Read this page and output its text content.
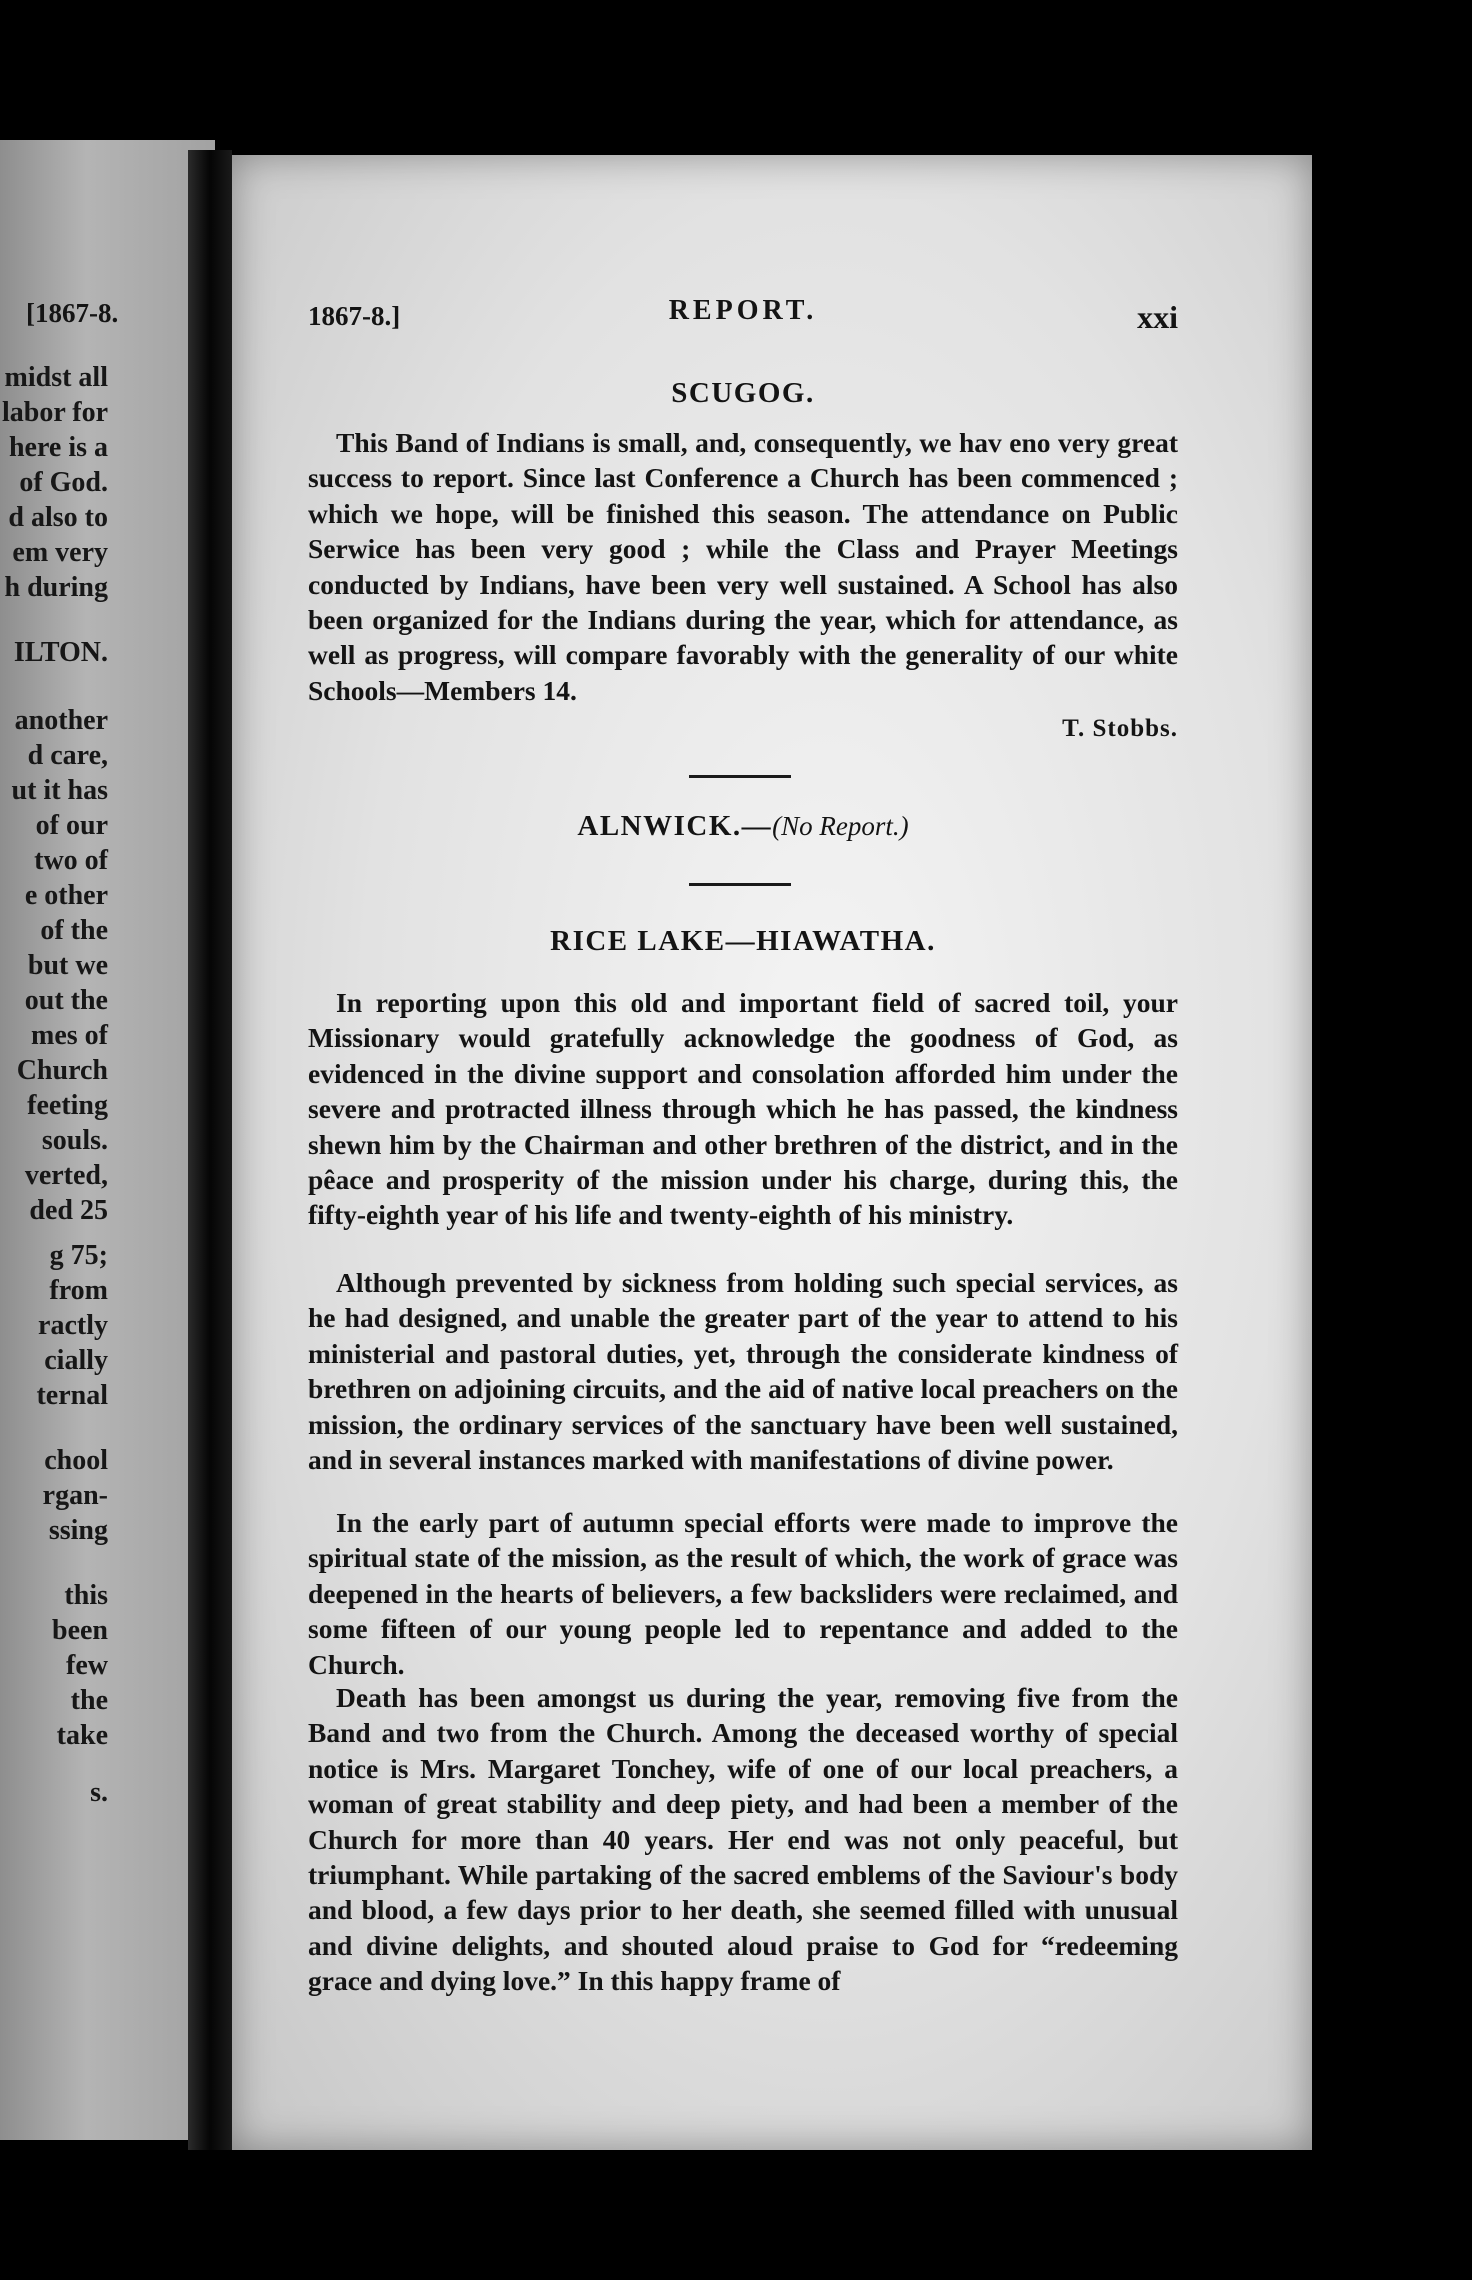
[1867-8.
midst all
labor for
here is a
of God.
d also to
em very
h during
ILTON.
another
d care,
ut it has
of our
two of
e other
of the
but we
out the
mes of
Church
feeting
souls.
verted,
ded 25
g 75;
from
ractly
cially
ternal
chool
rgan-
ssing
this
been
few
the
take
s.
1867-8.]	REPORT.	xxi
SCUGOG.

This Band of Indians is small, and, consequently, we hav eno very great success to report. Since last Conference a Church has been commenced ; which we hope, will be finished this season. The attendance on Public Serwice has been very good ; while the Class and Prayer Meetings conducted by Indians, have been very well sustained. A School has also been organized for the Indians during the year, which for attendance, as well as progress, will compare favorably with the generality of our white Schools—Members 14.

T. Stobbs.

ALNWICK.—(No Report.)
RICE LAKE—HIAWATHA.

In reporting upon this old and important field of sacred toil, your Missionary would gratefully acknowledge the goodness of God, as evidenced in the divine support and consolation afforded him under the severe and protracted illness through which he has passed, the kindness shewn him by the Chairman and other brethren of the district, and in the pêace and prosperity of the mission under his charge, during this, the fifty-eighth year of his life and twenty-eighth of his ministry.

Although prevented by sickness from holding such special services, as he had designed, and unable the greater part of the year to attend to his ministerial and pastoral duties, yet, through the considerate kindness of brethren on adjoining circuits, and the aid of native local preachers on the mission, the ordinary services of the sanctuary have been well sustained, and in several instances marked with manifestations of divine power.

In the early part of autumn special efforts were made to improve the spiritual state of the mission, as the result of which, the work of grace was deepened in the hearts of believers, a few backsliders were reclaimed, and some fifteen of our young people led to repentance and added to the Church.

Death has been amongst us during the year, removing five from the Band and two from the Church. Among the deceased worthy of special notice is Mrs. Margaret Tonchey, wife of one of our local preachers, a woman of great stability and deep piety, and had been a member of the Church for more than 40 years. Her end was not only peaceful, but triumphant. While partaking of the sacred emblems of the Saviour's body and blood, a few days prior to her death, she seemed filled with unusual and divine delights, and shouted aloud praise to God for “redeeming grace and dying love.” In this happy frame of
